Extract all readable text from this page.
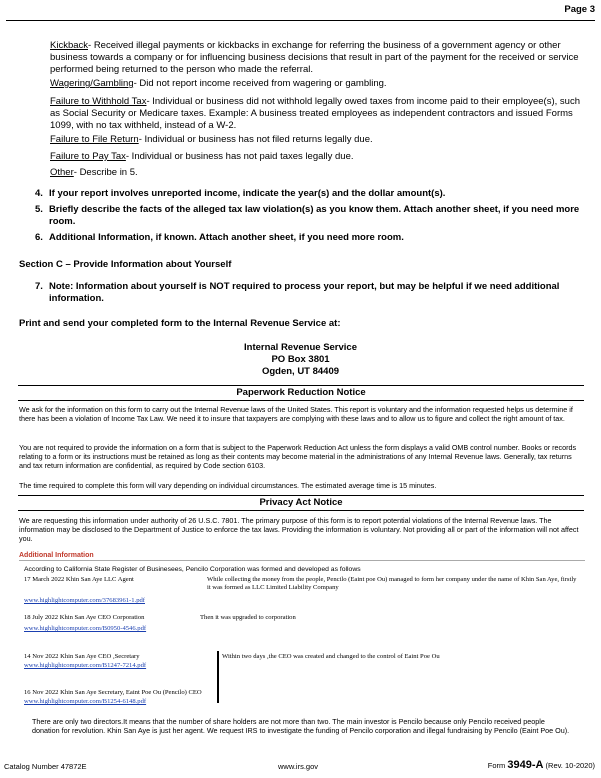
Page 3
Kickback- Received illegal payments or kickbacks in exchange for referring the business of a government agency or other business towards a company or for influencing business decisions that result in part of the payment for the received or service performed being returned to the person who made the referral.
Wagering/Gambling- Did not report income received from wagering or gambling.
Failure to Withhold Tax- Individual or business did not withhold legally owed taxes from income paid to their employee(s), such as Social Security or Medicare taxes. Example: A business treated employees as independent contractors and issued Forms 1099, with no tax withheld, instead of a W-2.
Failure to File Return- Individual or business has not filed returns legally due.
Failure to Pay Tax- Individual or business has not paid taxes legally due.
Other- Describe in 5.
4. If your report involves unreported income, indicate the year(s) and the dollar amount(s).
5. Briefly describe the facts of the alleged tax law violation(s) as you know them. Attach another sheet, if you need more room.
6. Additional Information, if known. Attach another sheet, if you need more room.
Section C – Provide Information about Yourself
7. Note: Information about yourself is NOT required to process your report, but may be helpful if we need additional information.
Print and send your completed form to the Internal Revenue Service at:
Internal Revenue Service
PO Box 3801
Ogden, UT 84409
Paperwork Reduction Notice
We ask for the information on this form to carry out the Internal Revenue laws of the United States. This report is voluntary and the information requested helps us determine if there has been a violation of Income Tax Law. We need it to insure that taxpayers are complying with these laws and to allow us to figure and collect the right amount of tax.
You are not required to provide the information on a form that is subject to the Paperwork Reduction Act unless the form displays a valid OMB control number. Books or records relating to a form or its instructions must be retained as long as their contents may become material in the administrations of any Internal Revenue laws. Generally, tax returns and tax return information are confidential, as required by Code section 6103.
The time required to complete this form will vary depending on individual circumstances. The estimated average time is 15 minutes.
Privacy Act Notice
We are requesting this information under authority of 26 U.S.C. 7801. The primary purpose of this form is to report potential violations of the Internal Revenue laws. The information may be disclosed to the Department of Justice to enforce the tax laws. Providing the information is voluntary. Not providing all or part of the information will not affect you.
Additional Information
According to California State Register of Businesees, Pencilo Corporation was formed and developed as follows
17 March 2022 Khin San Aye LLC Agent	While collecting the money from the people, Pencilo (Eaint poe Ou) managed to form her company under the name of Khin San Aye, firstly it was formed as LLC Limited Liability Company
www.highlightcomputer.com/37683961-1.pdf
18 July 2022 Khin San Aye CEO Corporation	Then it was upgraded to corporation
www.highlightcomputer.com/B0950-4546.pdf
14 Nov 2022 Khin San Aye CEO ,Secretary	Within two days ,the CEO was created and changed to the control of Eaint Poe Ou
www.highlightcomputer.com/B1247-7214.pdf
16 Nov 2022 Khin San Aye Secretary, Eaint Poe Ou (Pencilo) CEO
www.highlightcomputer.com/B1254-6148.pdf
There are only two directors.It means that the number of share holders are not more than two. The main investor is Pencilo because only Pencilo received people donation for revolution. Khin San Aye is just her agent. We request IRS to investigate the funding of Pencilo corporation and illegal fundraising by Pencilo (Eaint Poe Ou).
Catalog Number 47872E	www.irs.gov	Form 3949-A (Rev. 10-2020)
